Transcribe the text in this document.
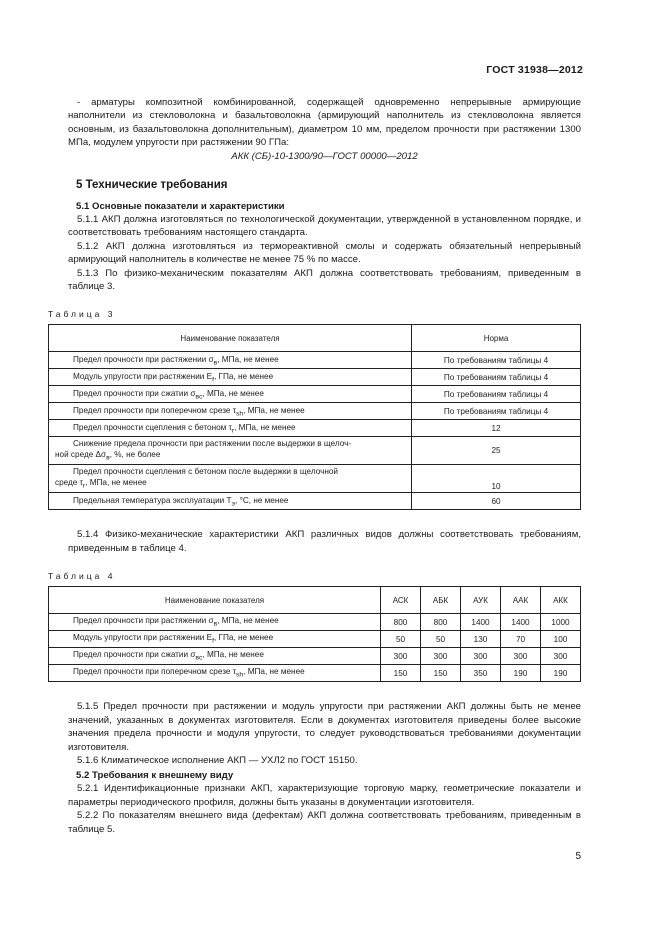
ГОСТ 31938—2012

- арматуры композитной комбинированной, содержащей одновременно непрерывные армирующие наполнители из стекловолокна и базальтоволокна (армирующий наполнитель из стекловолокна является основным, из базальтоволокна дополнительным), диаметром 10 мм, пределом прочности при растяжении 1300 МПа, модулем упругости при растяжении 90 ГПа:

АКК (СБ)-10-1300/90—ГОСТ 00000—2012
5 Технические требования
5.1 Основные показатели и характеристики

5.1.1 АКП должна изготовляться по технологической документации, утвержденной в установленном порядке, и соответствовать требованиям настоящего стандарта.

5.1.2 АКП должна изготовляться из термореактивной смолы и содержать обязательный непрерывный армирующий наполнитель в количестве не менее 75 % по массе.

5.1.3 По физико-механическим показателям АКП должна соответствовать требованиям, приведенным в таблице 3.

Таблица 3
Наименование показателя	Норма
Предел прочности при растяжении $\sigma_в$, МПа, не менее	По требованиям таблицы 4
Модуль упругости при растяжении $E_f$, ГПа, не менее	По требованиям таблицы 4
Предел прочности при сжатии $\sigma_{вс}$, МПа, не менее	По требованиям таблицы 4
Предел прочности при поперечном срезе $\tau_{sh}$, МПа, не менее	По требованиям таблицы 4
Предел прочности сцепления с бетоном $\tau_r$, МПа, не менее	12

Снижение предела прочности при растяжении после выдержки в щелоч-
ной среде $\Delta\sigma_в$, %, не более	25

Предел прочности сцепления с бетоном после выдержки в щелочной
среде $\tau_r$, МПа, не менее	10
Предельная температура эксплуатации $T_э$, °С, не менее	60

5.1.4 Физико-механические характеристики АКП различных видов должны соответствовать требованиям, приведенным в таблице 4.

Таблица 4
Наименование показателя	АСК	АБК	АУК	ААК	АКК
Предел прочности при растяжении $\sigma_в$, МПа, не менее	800	800	1400	1400	1000
Модуль упругости при растяжении $E_f$, ГПа, не менее	50	50	130	70	100
Предел прочности при сжатии $\sigma_{вс}$, МПа, не менее	300	300	300	300	300
Предел прочности при поперечном срезе $\tau_{sh}$, МПа, не менее	150	150	350	190	190

5.1.5 Предел прочности при растяжении и модуль упругости при растяжении АКП должны быть не менее значений, указанных в документах изготовителя. Если в документах изготовителя приведены более высокие значения предела прочности и модуля упругости, то следует руководствоваться требованиями документации изготовителя.

5.1.6 Климатическое исполнение АКП — УХЛ2 по ГОСТ 15150.

5.2 Требования к внешнему виду

5.2.1 Идентификационные признаки АКП, характеризующие торговую марку, геометрические показатели и параметры периодического профиля, должны быть указаны в документации изготовителя.

5.2.2 По показателям внешнего вида (дефектам) АКП должна соответствовать требованиям, приведенным в таблице 5.

5
